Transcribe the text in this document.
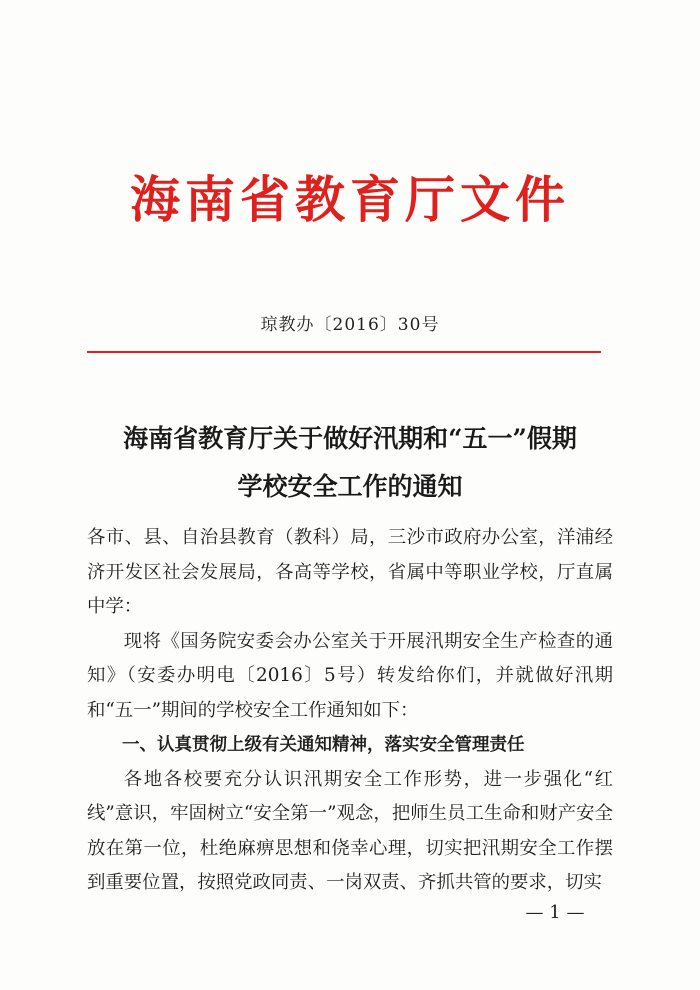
海南省教育厅文件
琼教办〔2016〕30号
海南省教育厅关于做好汛期和“五一”假期
学校安全工作的通知

各市、县、自治县教育（教科）局，三沙市政府办公室，洋浦经济开发区社会发展局，各高等学校，省属中等职业学校，厅直属中学：

现将《国务院安委会办公室关于开展汛期安全生产检查的通知》（安委办明电〔2016〕5号）转发给你们，并就做好汛期和“五一”期间的学校安全工作通知如下：

一、认真贯彻上级有关通知精神，落实安全管理责任

各地各校要充分认识汛期安全工作形势，进一步强化“红线”意识，牢固树立“安全第一”观念，把师生员工生命和财产安全放在第一位，杜绝麻痹思想和侥幸心理，切实把汛期安全工作摆到重要位置，按照党政同责、一岗双责、齐抓共管的要求，切实

— 1 —
